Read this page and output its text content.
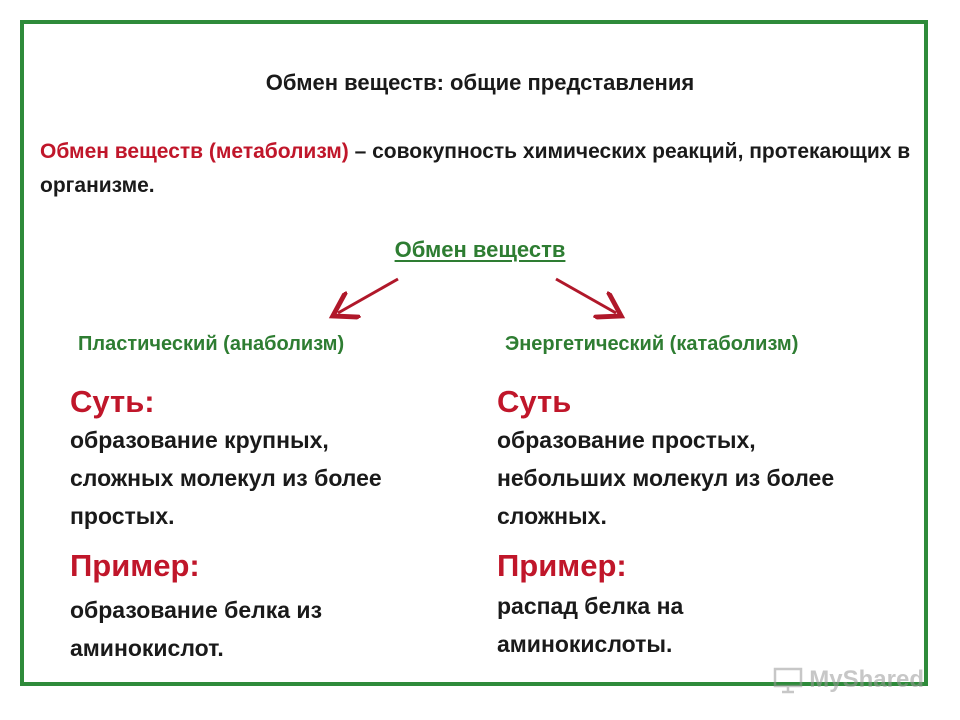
Обмен веществ: общие представления
Обмен веществ (метаболизм) – совокупность химических реакций, протекающих в организме.
Обмен веществ
Пластический (анаболизм)	Энергетический (катаболизм)
Суть:
образование крупных, сложных молекул из более простых.
Пример:
образование белка из аминокислот.
Суть
образование простых, небольших молекул из более сложных.
Пример:
распад белка на аминокислоты.
MyShared
